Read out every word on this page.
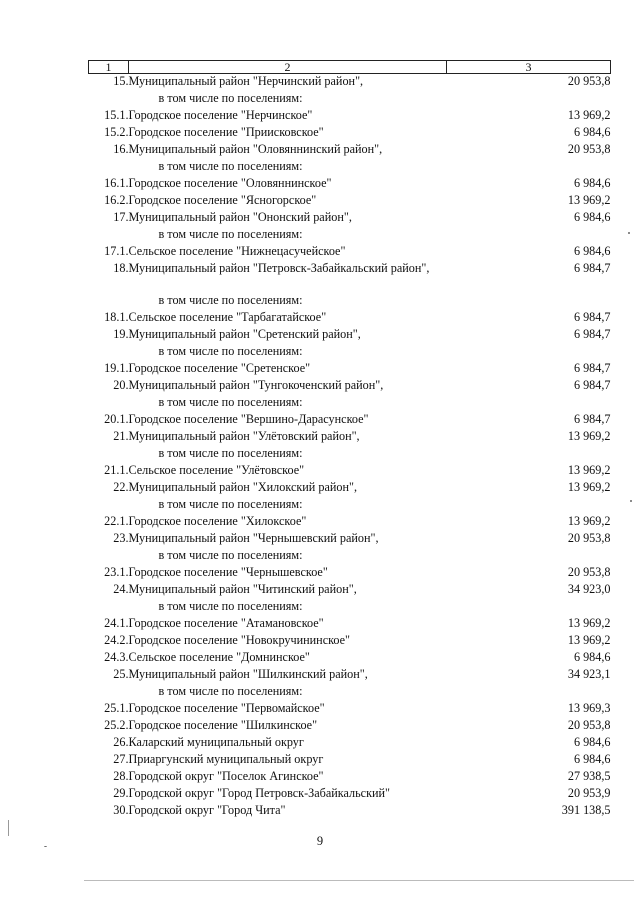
1	2	3
15.	Муниципальный район "Нерчинский район",	20 953,8
	в том числе по поселениям:	
15.1.	Городское поселение "Нерчинское"	13 969,2
15.2.	Городское поселение "Приисковское"	6 984,6
16.	Муниципальный район "Оловяннинский район",	20 953,8
	в том числе по поселениям:	
16.1.	Городское поселение "Оловяннинское"	6 984,6
16.2.	Городское поселение "Ясногорское"	13 969,2
17.	Муниципальный район "Ононский район",	6 984,6
	в том числе по поселениям:	
17.1.	Сельское поселение "Нижнецасучейское"	6 984,6
18.	Муниципальный район "Петровск-Забайкальский район",	6 984,7
	в том числе по поселениям:	
18.1.	Сельское поселение "Тарбагатайское"	6 984,7
19.	Муниципальный район "Сретенский район",	6 984,7
	в том числе по поселениям:	
19.1.	Городское поселение "Сретенское"	6 984,7
20.	Муниципальный район "Тунгокоченский район",	6 984,7
	в том числе по поселениям:	
20.1.	Городское поселение "Вершино-Дарасунское"	6 984,7
21.	Муниципальный район "Улётовский район",	13 969,2
	в том числе по поселениям:	
21.1.	Сельское поселение "Улётовское"	13 969,2
22.	Муниципальный район "Хилокский район",	13 969,2
	в том числе по поселениям:	
22.1.	Городское поселение "Хилокское"	13 969,2
23.	Муниципальный район "Чернышевский район",	20 953,8
	в том числе по поселениям:	
23.1.	Городское поселение "Чернышевское"	20 953,8
24.	Муниципальный район "Читинский район",	34 923,0
	в том числе по поселениям:	
24.1.	Городское поселение "Атамановское"	13 969,2
24.2.	Городское поселение "Новокручининское"	13 969,2
24.3.	Сельское поселение "Домнинское"	6 984,6
25.	Муниципальный район "Шилкинский район",	34 923,1
	в том числе по поселениям:	
25.1.	Городское поселение "Первомайское"	13 969,3
25.2.	Городское поселение "Шилкинское"	20 953,8
26.	Каларский муниципальный округ	6 984,6
27.	Приаргунский муниципальный округ	6 984,6
28.	Городской округ "Поселок Агинское"	27 938,5
29.	Городской округ "Город Петровск-Забайкальский"	20 953,9
30.	Городской округ "Город Чита"	391 138,5
9
